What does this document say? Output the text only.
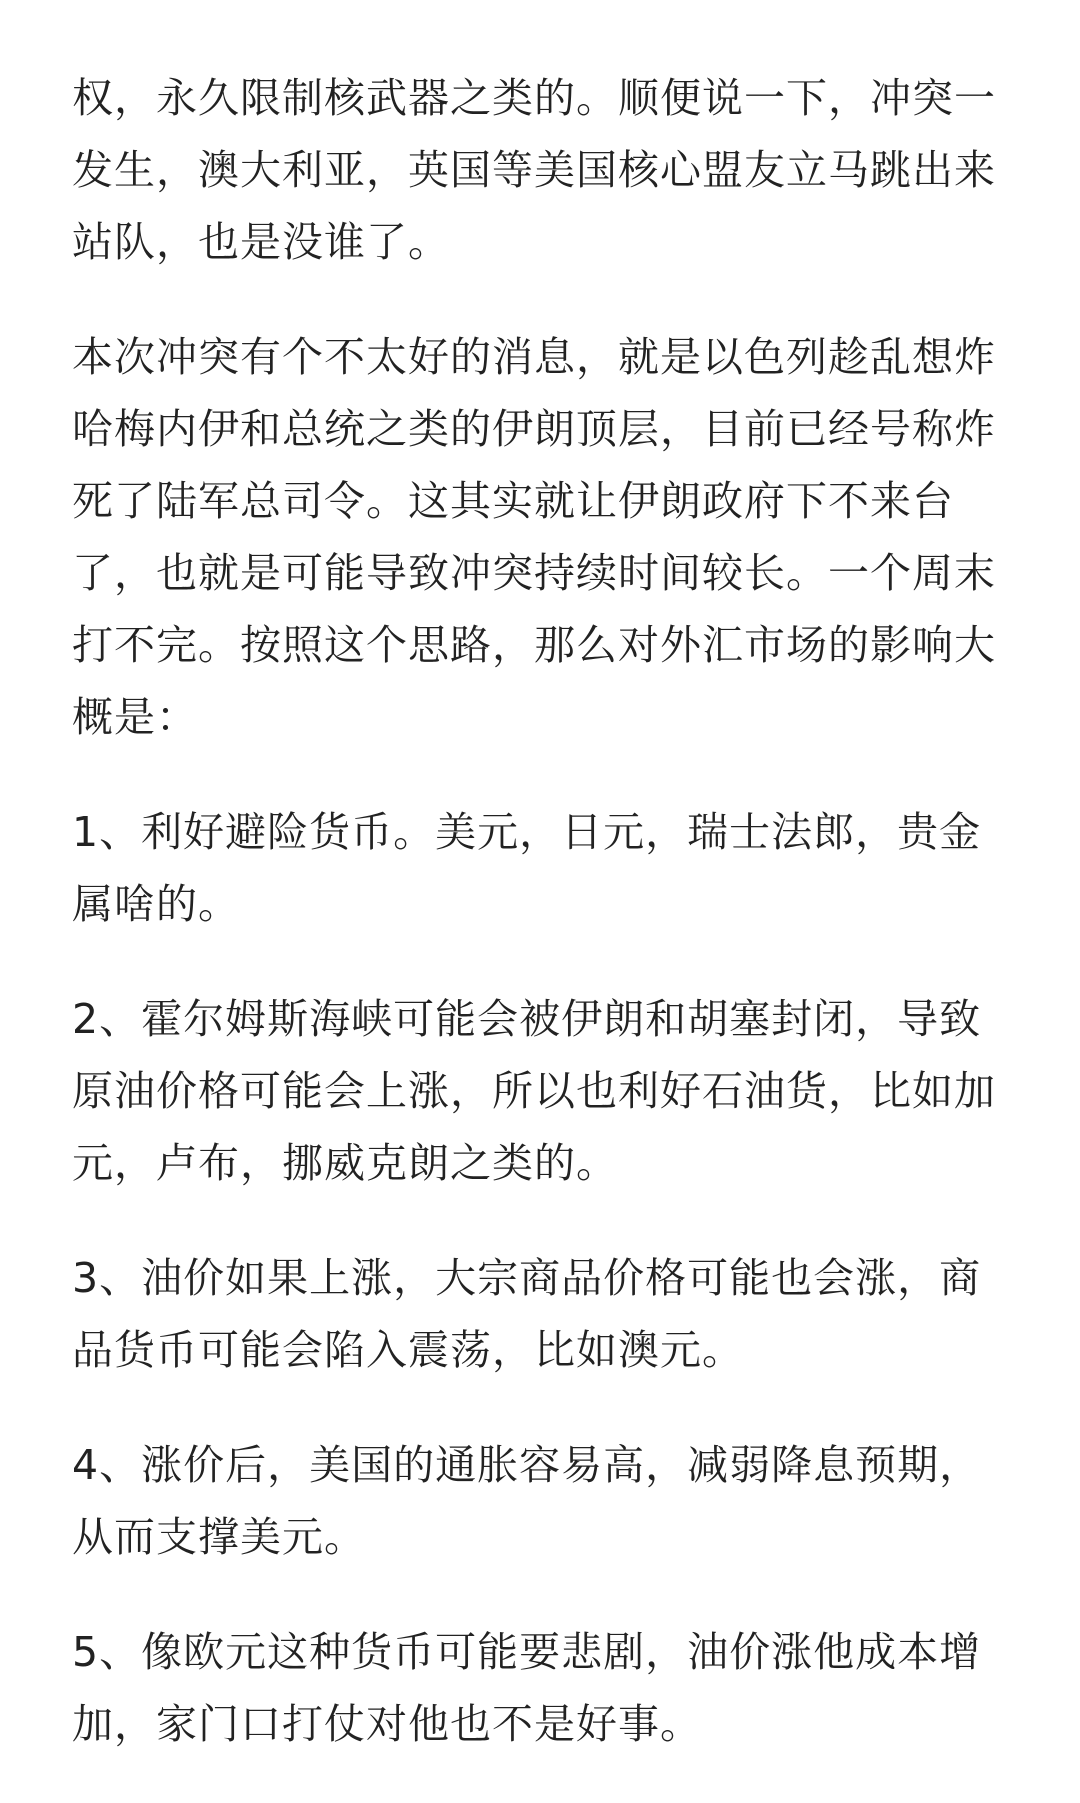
权，永久限制核武器之类的。顺便说一下，冲突一发生，澳大利亚，英国等美国核心盟友立马跳出来站队，也是没谁了。

本次冲突有个不太好的消息，就是以色列趁乱想炸哈梅内伊和总统之类的伊朗顶层，目前已经号称炸死了陆军总司令。这其实就让伊朗政府下不来台了，也就是可能导致冲突持续时间较长。一个周末打不完。按照这个思路，那么对外汇市场的影响大概是：

1、利好避险货币。美元，日元，瑞士法郎，贵金属啥的。

2、霍尔姆斯海峡可能会被伊朗和胡塞封闭，导致原油价格可能会上涨，所以也利好石油货，比如加元，卢布，挪威克朗之类的。

3、油价如果上涨，大宗商品价格可能也会涨，商品货币可能会陷入震荡，比如澳元。

4、涨价后，美国的通胀容易高，减弱降息预期，从而支撑美元。

5、像欧元这种货币可能要悲剧，油价涨他成本增加，家门口打仗对他也不是好事。
